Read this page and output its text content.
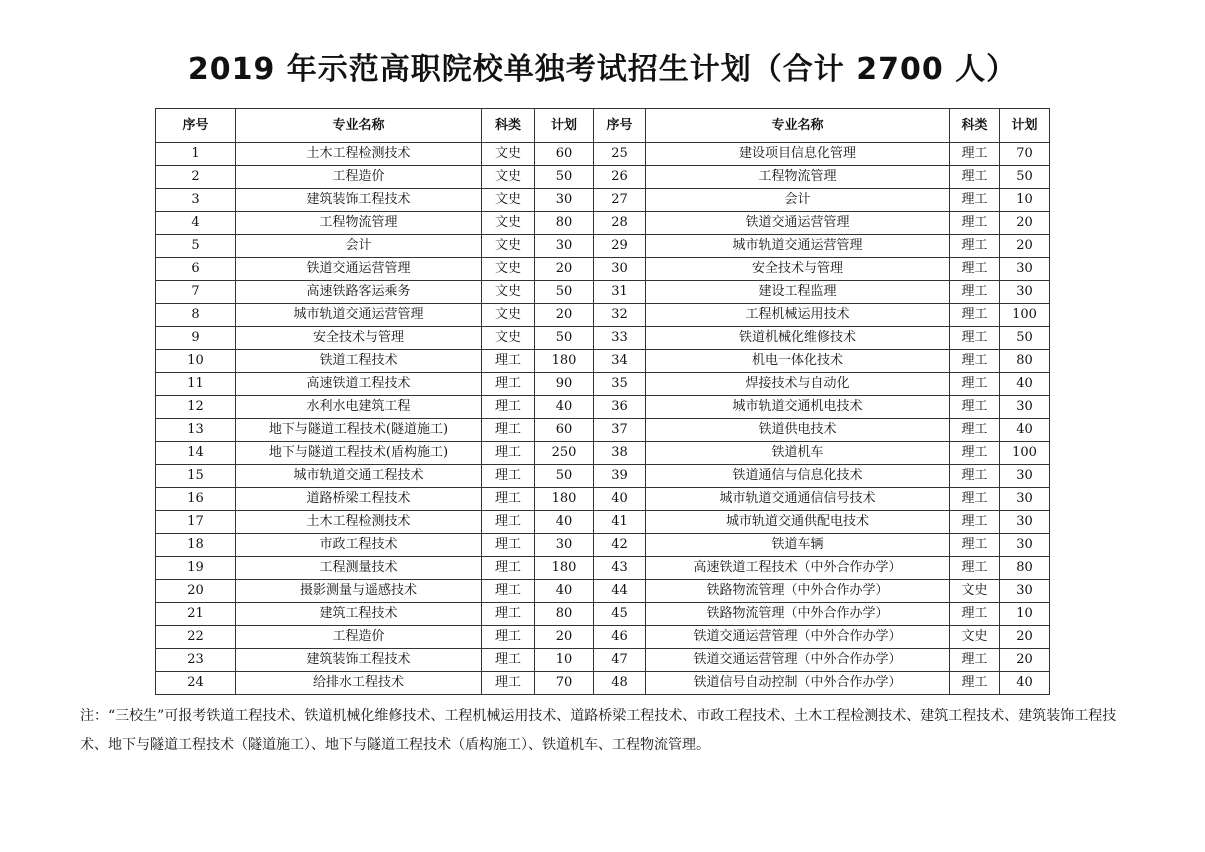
2019 年示范高职院校单独考试招生计划（合计 2700 人）
序号	专业名称	科类	计划	序号	专业名称	科类	计划
1	土木工程检测技术	文史	60	25	建设项目信息化管理	理工	70
2	工程造价	文史	50	26	工程物流管理	理工	50
3	建筑装饰工程技术	文史	30	27	会计	理工	10
4	工程物流管理	文史	80	28	铁道交通运营管理	理工	20
5	会计	文史	30	29	城市轨道交通运营管理	理工	20
6	铁道交通运营管理	文史	20	30	安全技术与管理	理工	30
7	高速铁路客运乘务	文史	50	31	建设工程监理	理工	30
8	城市轨道交通运营管理	文史	20	32	工程机械运用技术	理工	100
9	安全技术与管理	文史	50	33	铁道机械化维修技术	理工	50
10	铁道工程技术	理工	180	34	机电一体化技术	理工	80
11	高速铁道工程技术	理工	90	35	焊接技术与自动化	理工	40
12	水利水电建筑工程	理工	40	36	城市轨道交通机电技术	理工	30
13	地下与隧道工程技术(隧道施工)	理工	60	37	铁道供电技术	理工	40
14	地下与隧道工程技术(盾构施工)	理工	250	38	铁道机车	理工	100
15	城市轨道交通工程技术	理工	50	39	铁道通信与信息化技术	理工	30
16	道路桥梁工程技术	理工	180	40	城市轨道交通通信信号技术	理工	30
17	土木工程检测技术	理工	40	41	城市轨道交通供配电技术	理工	30
18	市政工程技术	理工	30	42	铁道车辆	理工	30
19	工程测量技术	理工	180	43	高速铁道工程技术（中外合作办学）	理工	80
20	摄影测量与遥感技术	理工	40	44	铁路物流管理（中外合作办学）	文史	30
21	建筑工程技术	理工	80	45	铁路物流管理（中外合作办学）	理工	10
22	工程造价	理工	20	46	铁道交通运营管理（中外合作办学）	文史	20
23	建筑装饰工程技术	理工	10	47	铁道交通运营管理（中外合作办学）	理工	20
24	给排水工程技术	理工	70	48	铁道信号自动控制（中外合作办学）	理工	40
注：“三校生”可报考铁道工程技术、铁道机械化维修技术、工程机械运用技术、道路桥梁工程技术、市政工程技术、土木工程检测技术、建筑工程技术、建筑装饰工程技术、地下与隧道工程技术（隧道施工）、地下与隧道工程技术（盾构施工）、铁道机车、工程物流管理。
